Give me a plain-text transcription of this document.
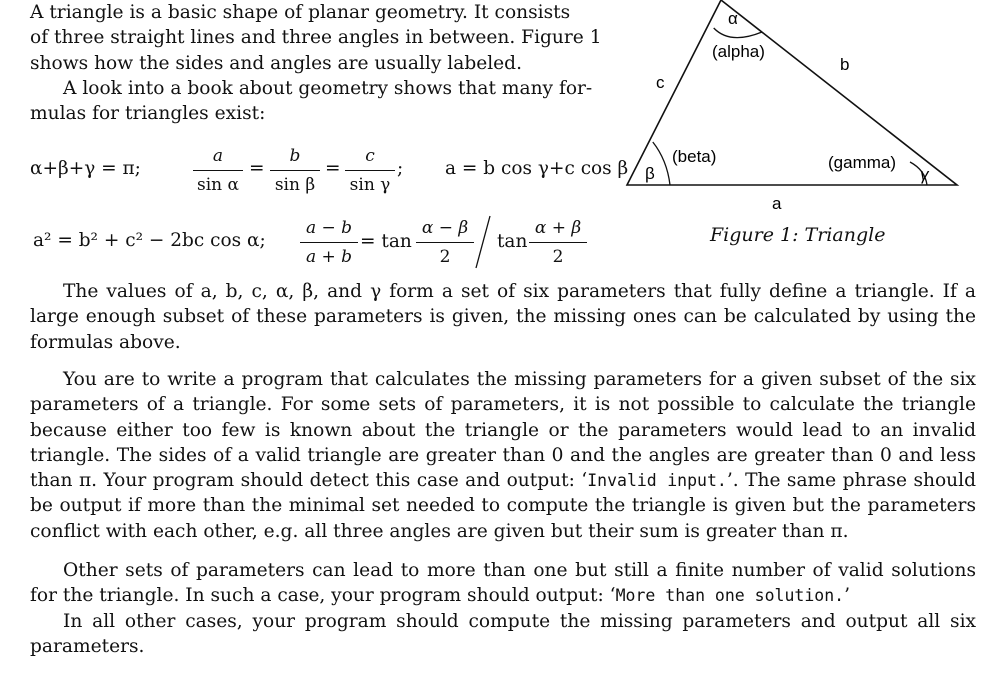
A triangle is a basic shape of planar geometry. It consists
of three straight lines and three angles in between. Figure 1
shows how the sides and angles are usually labeled.
A look into a book about geometry shows that many for-
mulas for triangles exist:
α+β+γ = π;	$\frac{a}{\text{sin α}} = \frac{b}{\text{sin β}} = \frac{c}{\text{sin γ}}$ ; a = b cos γ+c cos β
a² = b² + c² − 2bc cos α; $\frac{a - b}{a + b} = \tan \frac{\alpha - \beta}{2}$ $\tan \frac{\alpha + \beta}{2}$
α
(alpha)
b
c
(beta)
β
(gamma)
γ
a
Figure 1: Triangle

The values of a, b, c, α, β, and γ form a set of six parameters that fully define a triangle. If a large enough subset of these parameters is given, the missing ones can be calculated by using the formulas above.

You are to write a program that calculates the missing parameters for a given subset of the six parameters of a triangle. For some sets of parameters, it is not possible to calculate the triangle because either too few is known about the triangle or the parameters would lead to an invalid triangle. The sides of a valid triangle are greater than 0 and the angles are greater than 0 and less than π. Your program should detect this case and output: ‘Invalid input.’. The same phrase should be output if more than the minimal set needed to compute the triangle is given but the parameters conflict with each other, e.g. all three angles are given but their sum is greater than π.

Other sets of parameters can lead to more than one but still a finite number of valid solutions for the triangle. In such a case, your program should output: ‘More than one solution.’

In all other cases, your program should compute the missing parameters and output all six parameters.
